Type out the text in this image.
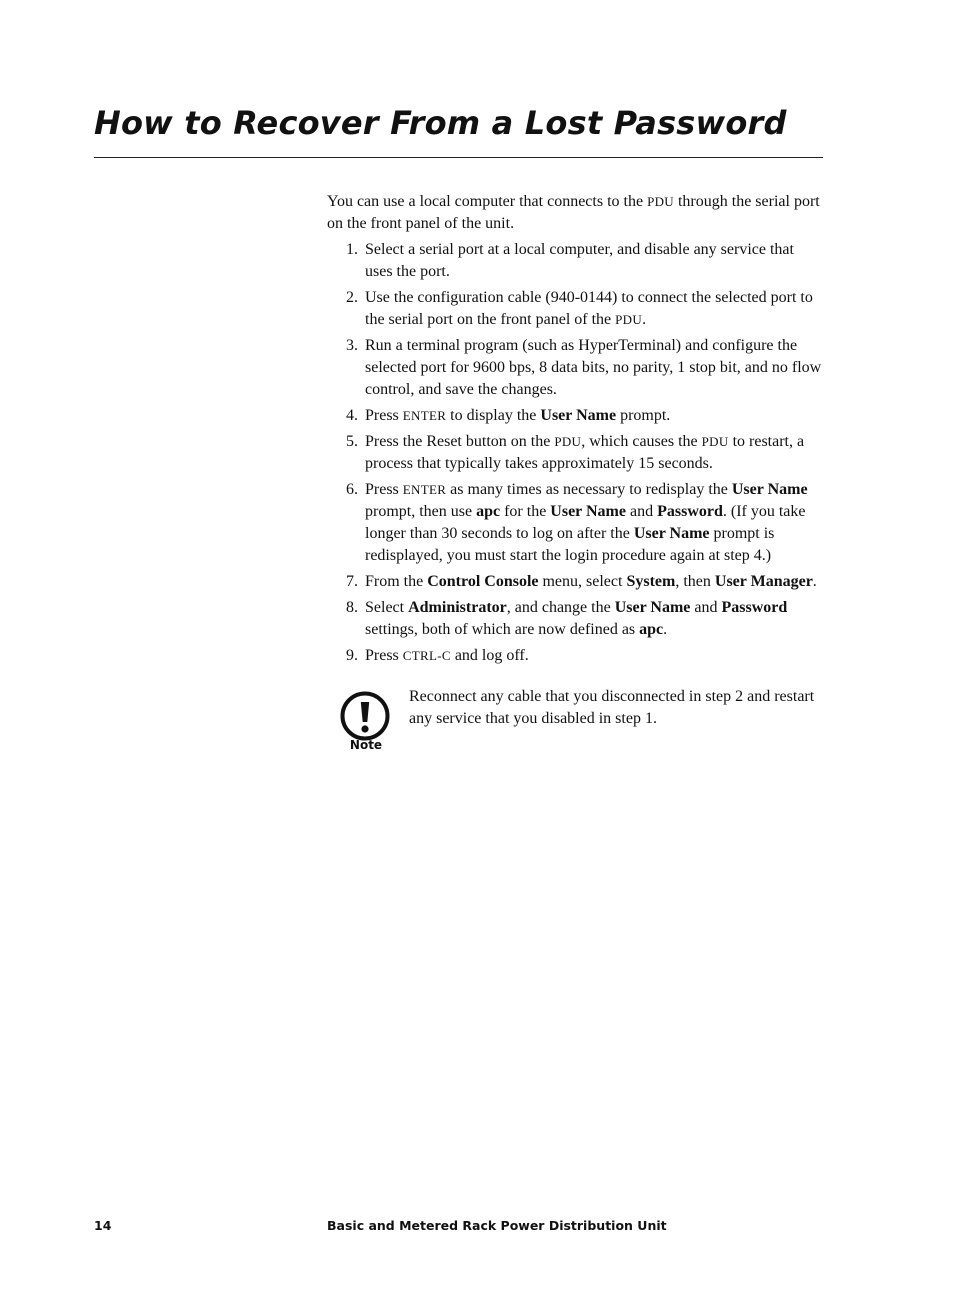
How to Recover From a Lost Password

You can use a local computer that connects to the PDU through the serial port on the front panel of the unit.

1. Select a serial port at a local computer, and disable any service that uses the port.
2. Use the configuration cable (940-0144) to connect the selected port to the serial port on the front panel of the PDU.
3. Run a terminal program (such as HyperTerminal) and configure the selected port for 9600 bps, 8 data bits, no parity, 1 stop bit, and no flow control, and save the changes.
4. Press ENTER to display the User Name prompt.
5. Press the Reset button on the PDU, which causes the PDU to restart, a process that typically takes approximately 15 seconds.
6. Press ENTER as many times as necessary to redisplay the User Name prompt, then use apc for the User Name and Password. (If you take longer than 30 seconds to log on after the User Name prompt is redisplayed, you must start the login procedure again at step 4.)
7. From the Control Console menu, select System, then User Manager.
8. Select Administrator, and change the User Name and Password settings, both of which are now defined as apc.
9. Press CTRL-C and log off.
Note
Reconnect any cable that you disconnected in step 2 and restart any service that you disabled in step 1.
14	Basic and Metered Rack Power Distribution Unit
